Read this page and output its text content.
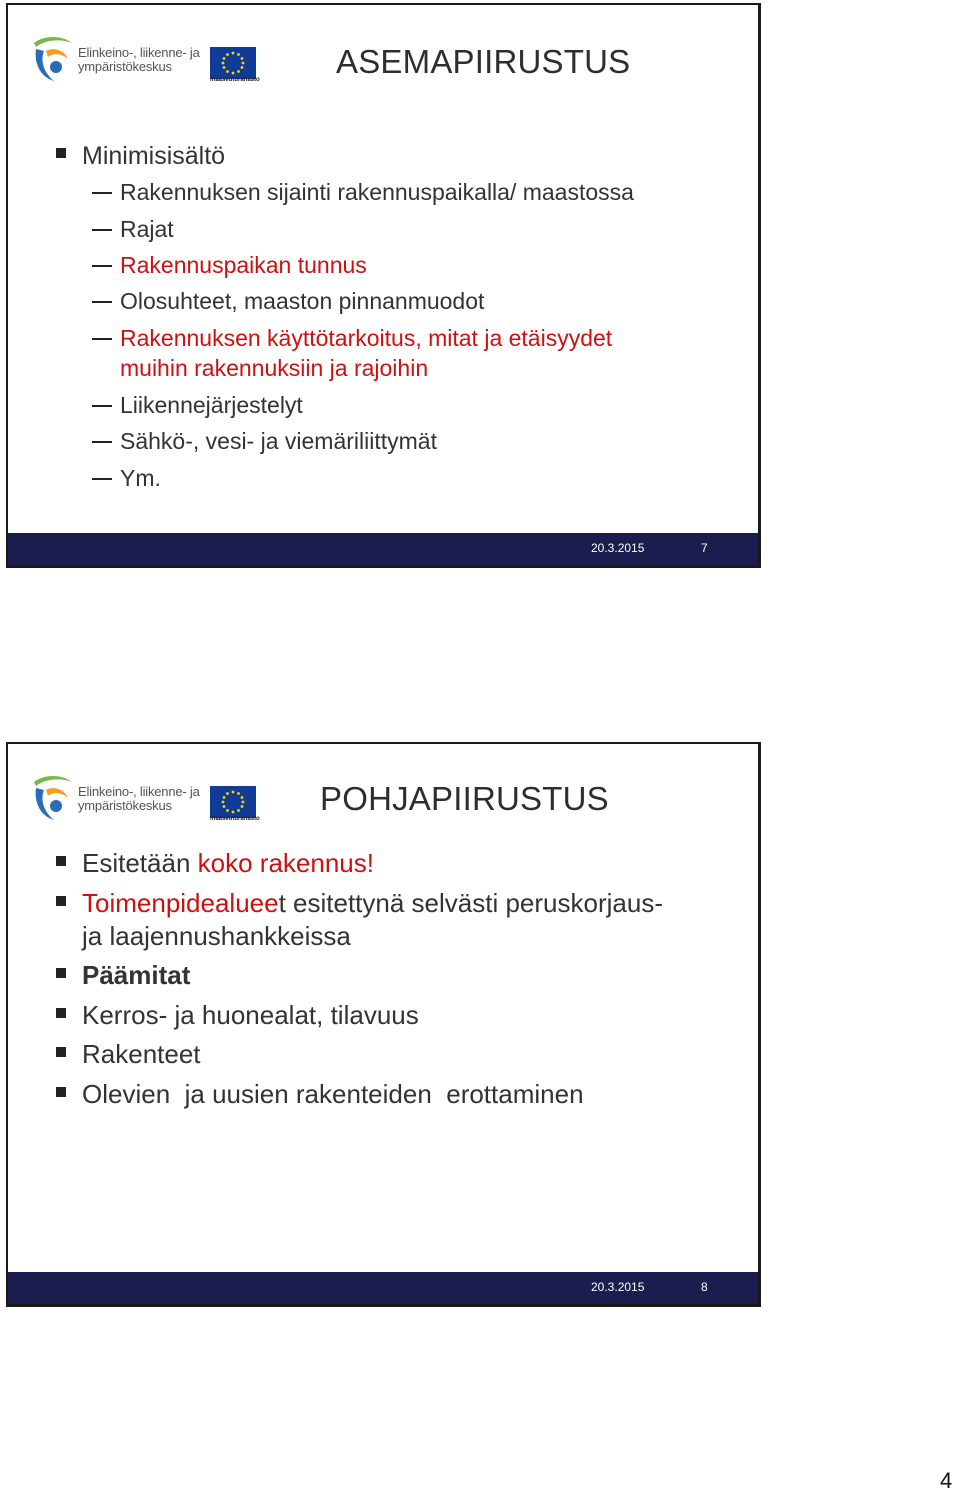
Elinkeino-, liikenne- ja
ympäristökeskus
maaseuturahasto ASEMAPIIRUSTUS
Minimisisältö
Rakennuksen sijainti rakennuspaikalla/ maastossa
Rajat
Rakennuspaikan tunnus
Olosuhteet, maaston pinnanmuodot
Rakennuksen käyttötarkoitus, mitat ja etäisyydet
muihin rakennuksiin ja rajoihin
Liikennejärjestelyt
Sähkö-, vesi- ja viemäriliittymät
Ym.
20.3.2015	7
Elinkeino-, liikenne- ja
ympäristökeskus
maaseuturahasto
POHJAPIIRUSTUS
Esitetään koko rakennus!
Toimenpidealueet esitettynä selvästi peruskorjaus-
ja laajennushankkeissa
Päämitat
Kerros- ja huonealat, tilavuus
Rakenteet
Olevien  ja uusien rakenteiden  erottaminen
20.3.2015	8
4
